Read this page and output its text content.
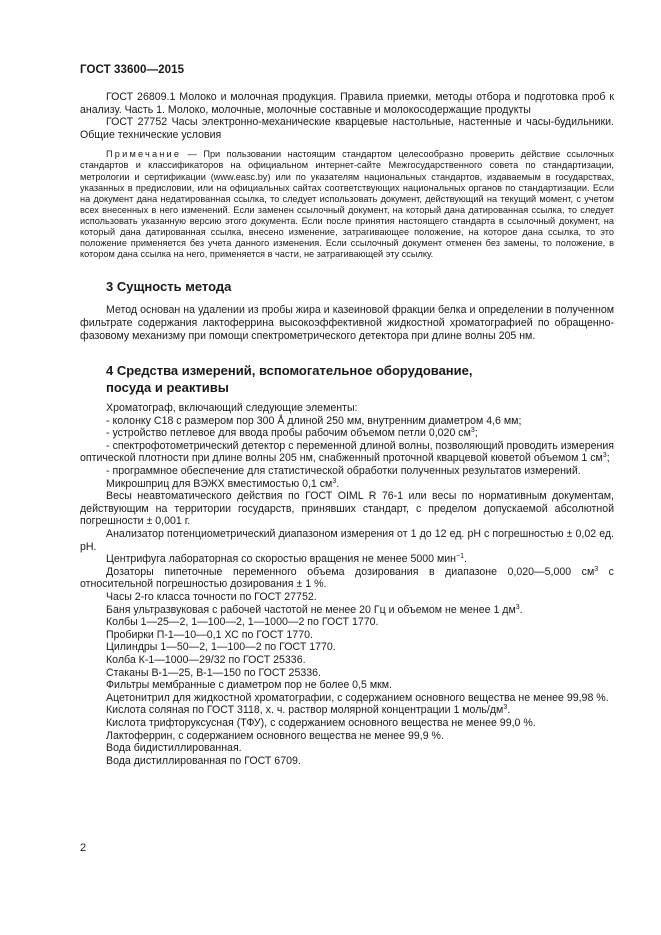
ГОСТ 33600—2015

ГОСТ 26809.1 Молоко и молочная продукция. Правила приемки, методы отбора и подготовка проб к анализу. Часть 1. Молоко, молочные, молочные составные и молокосодержащие продукты

ГОСТ 27752 Часы электронно-механические кварцевые настольные, настенные и часы-будильники. Общие технические условия

Примечание — При пользовании настоящим стандартом целесообразно проверить действие ссылочных стандартов и классификаторов на официальном интернет-сайте Межгосударственного совета по стандартизации, метрологии и сертификации (www.easc.by) или по указателям национальных стандартов, издаваемым в государствах, указанных в предисловии, или на официальных сайтах соответствующих национальных органов по стандартизации. Если на документ дана недатированная ссылка, то следует использовать документ, действующий на текущий момент, с учетом всех внесенных в него изменений. Если заменен ссылочный документ, на который дана датированная ссылка, то следует использовать указанную версию этого документа. Если после принятия настоящего стандарта в ссылочный документ, на который дана датированная ссылка, внесено изменение, затрагивающее положение, на которое дана ссылка, то это положение применяется без учета данного изменения. Если ссылочный документ отменен без замены, то положение, в котором дана ссылка на него, применяется в части, не затрагивающей эту ссылку.

3 Сущность метода

Метод основан на удалении из пробы жира и казеиновой фракции белка и определении в полученном фильтрате содержания лактоферрина высокоэффективной жидкостной хроматографией по обращенно-фазовому механизму при помощи спектрометрического детектора при длине волны 205 нм.

4 Средства измерений, вспомогательное оборудование,
посуда и реактивы

Хроматограф, включающий следующие элементы:

- колонку С18 с размером пор 300 Å длиной 250 мм, внутренним диаметром 4,6 мм;

- устройство петлевое для ввода пробы рабочим объемом петли 0,020 $см^3$;

- спектрофотометрический детектор с переменной длиной волны, позволяющий проводить измерения оптической плотности при длине волны 205 нм, снабженный проточной кварцевой кюветой объемом 1 $см^3$;

- программное обеспечение для статистической обработки полученных результатов измерений.

Микрошприц для ВЭЖХ вместимостью 0,1 $см^3$.

Весы неавтоматического действия по ГОСТ OIML R 76-1 или весы по нормативным документам, действующим на территории государств, принявших стандарт, с пределом допускаемой абсолютной погрешности ± 0,001 г.

Анализатор потенциометрический диапазоном измерения от 1 до 12 ед. рН с погрешностью ± 0,02 ед. рН.

Центрифуга лабораторная со скоростью вращения не менее 5000 мин$^{-1}$.

Дозаторы пипеточные переменного объема дозирования в диапазоне 0,020—5,000 $см^3$ с относительной погрешностью дозирования ± 1 %.

Часы 2-го класса точности по ГОСТ 27752.

Баня ультразвуковая с рабочей частотой не менее 20 Гц и объемом не менее 1 $дм^3$.

Колбы 1—25—2, 1—100—2, 1—1000—2 по ГОСТ 1770.

Пробирки П-1—10—0,1 ХС по ГОСТ 1770.

Цилиндры 1—50—2, 1—100—2 по ГОСТ 1770.

Колба К-1—1000—29/32 по ГОСТ 25336.

Стаканы В-1—25, В-1—150 по ГОСТ 25336.

Фильтры мембранные с диаметром пор не более 0,5 мкм.

Ацетонитрил для жидкостной хроматографии, с содержанием основного вещества не менее 99,98 %.

Кислота соляная по ГОСТ 3118, х. ч. раствор молярной концентрации 1 моль/$дм^3$.

Кислота трифторуксусная (ТФУ), с содержанием основного вещества не менее 99,0 %.

Лактоферрин, с содержанием основного вещества не менее 99,9 %.

Вода бидистиллированная.

Вода дистиллированная по ГОСТ 6709.

2
